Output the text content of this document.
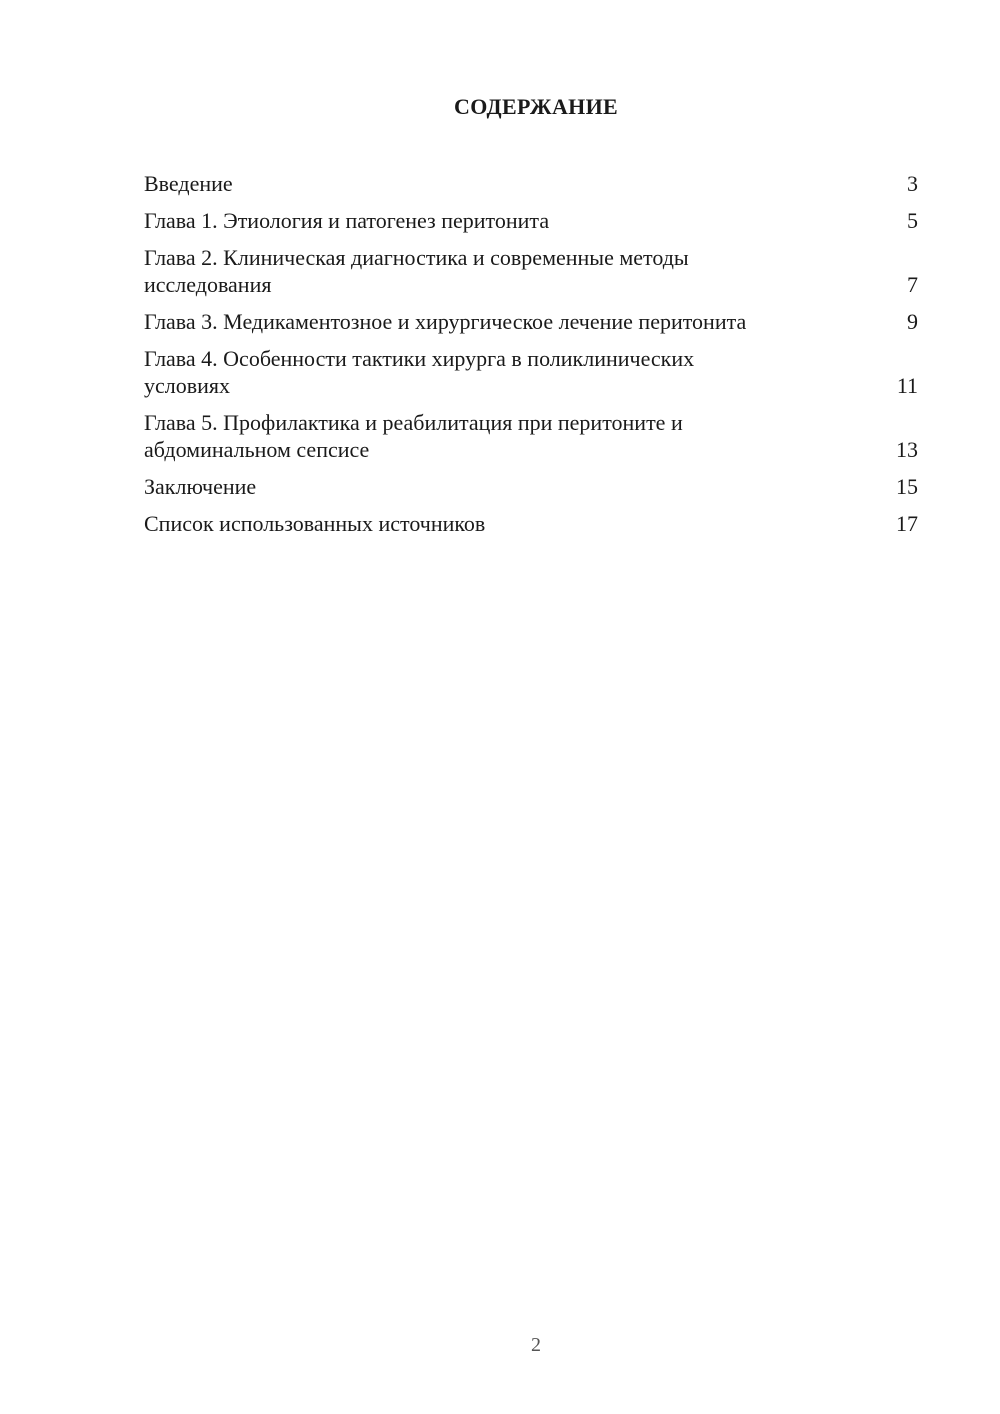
СОДЕРЖАНИЕ
Введение	3
Глава 1. Этиология и патогенез перитонита	5
Глава 2. Клиническая диагностика и современные методы исследования	7
Глава 3. Медикаментозное и хирургическое лечение перитонита	9
Глава 4. Особенности тактики хирурга в поликлинических условиях	11
Глава 5. Профилактика и реабилитация при перитоните и абдоминальном сепсисе	13
Заключение	15
Список использованных источников	17
2
